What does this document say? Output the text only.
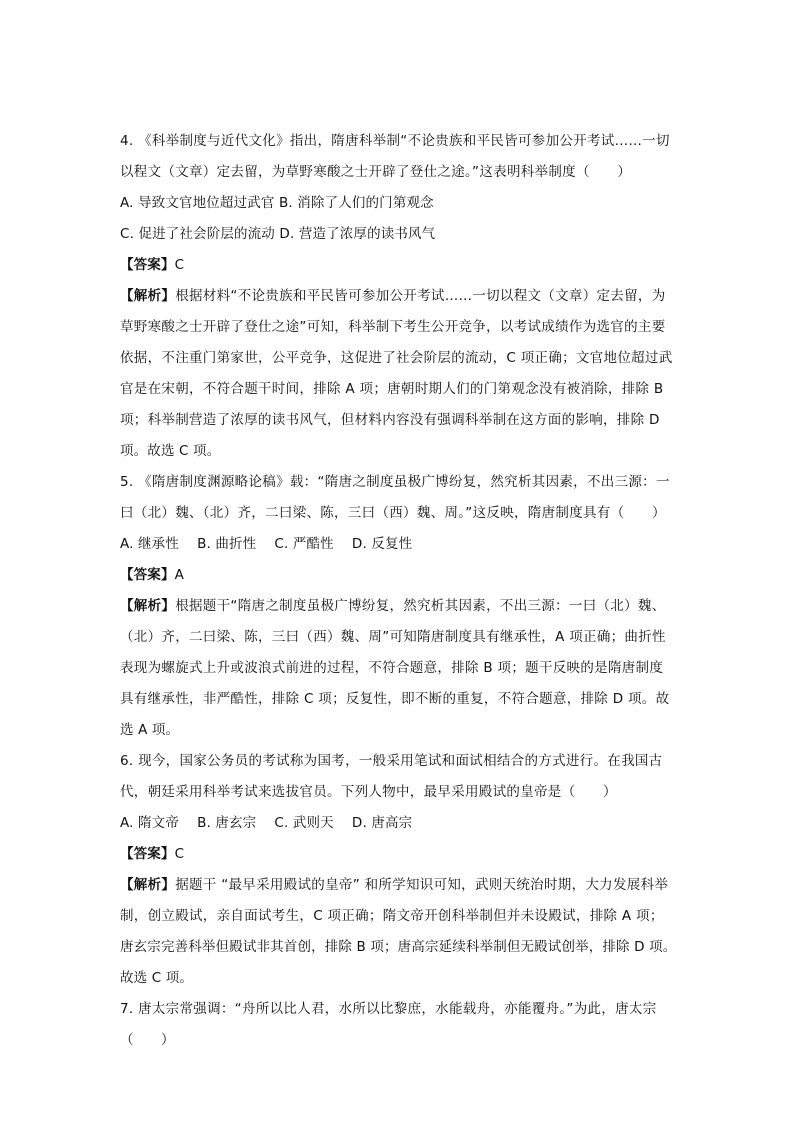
4. 《科举制度与近代文化》指出，隋唐科举制“不论贵族和平民皆可参加公开考试……一切
以程文（文章）定去留，为草野寒酸之士开辟了登仕之途。”这表明科举制度（　　）
A. 导致文官地位超过武官 B. 消除了人们的门第观念
C. 促进了社会阶层的流动 D. 营造了浓厚的读书风气
【答案】C
【解析】根据材料“不论贵族和平民皆可参加公开考试……一切以程文（文章）定去留，为
草野寒酸之士开辟了登仕之途”可知，科举制下考生公开竞争，以考试成绩作为选官的主要
依据，不注重门第家世，公平竞争，这促进了社会阶层的流动，C 项正确；文官地位超过武
官是在宋朝，不符合题干时间，排除 A 项；唐朝时期人们的门第观念没有被消除，排除 B
项；科举制营造了浓厚的读书风气，但材料内容没有强调科举制在这方面的影响，排除 D
项。故选 C 项。
5. 《隋唐制度渊源略论稿》载：“隋唐之制度虽极广博纷复，然究析其因素，不出三源：一
曰（北）魏、（北）齐，二曰梁、陈，三曰（西）魏、周。”这反映，隋唐制度具有（　　）
A. 继承性　 B. 曲折性　 C. 严酷性　 D. 反复性
【答案】A
【解析】根据题干“隋唐之制度虽极广博纷复，然究析其因素，不出三源：一曰（北）魏、
（北）齐，二曰梁、陈，三曰（西）魏、周”可知隋唐制度具有继承性，A 项正确；曲折性
表现为螺旋式上升或波浪式前进的过程，不符合题意，排除 B 项；题干反映的是隋唐制度
具有继承性，非严酷性，排除 C 项；反复性，即不断的重复，不符合题意，排除 D 项。故
选 A 项。
6. 现今，国家公务员的考试称为国考，一般采用笔试和面试相结合的方式进行。在我国古
代，朝廷采用科举考试来选拔官员。下列人物中，最早采用殿试的皇帝是（　　）
A. 隋文帝　 B. 唐玄宗　 C. 武则天　 D. 唐高宗
【答案】C
【解析】据题干 “最早采用殿试的皇帝” 和所学知识可知，武则天统治时期，大力发展科举
制，创立殿试，亲自面试考生，C 项正确；隋文帝开创科举制但并未设殿试，排除 A 项；
唐玄宗完善科举但殿试非其首创，排除 B 项；唐高宗延续科举制但无殿试创举，排除 D 项。
故选 C 项。
7. 唐太宗常强调：“舟所以比人君，水所以比黎庶，水能载舟，亦能覆舟。”为此，唐太宗
（　　）
